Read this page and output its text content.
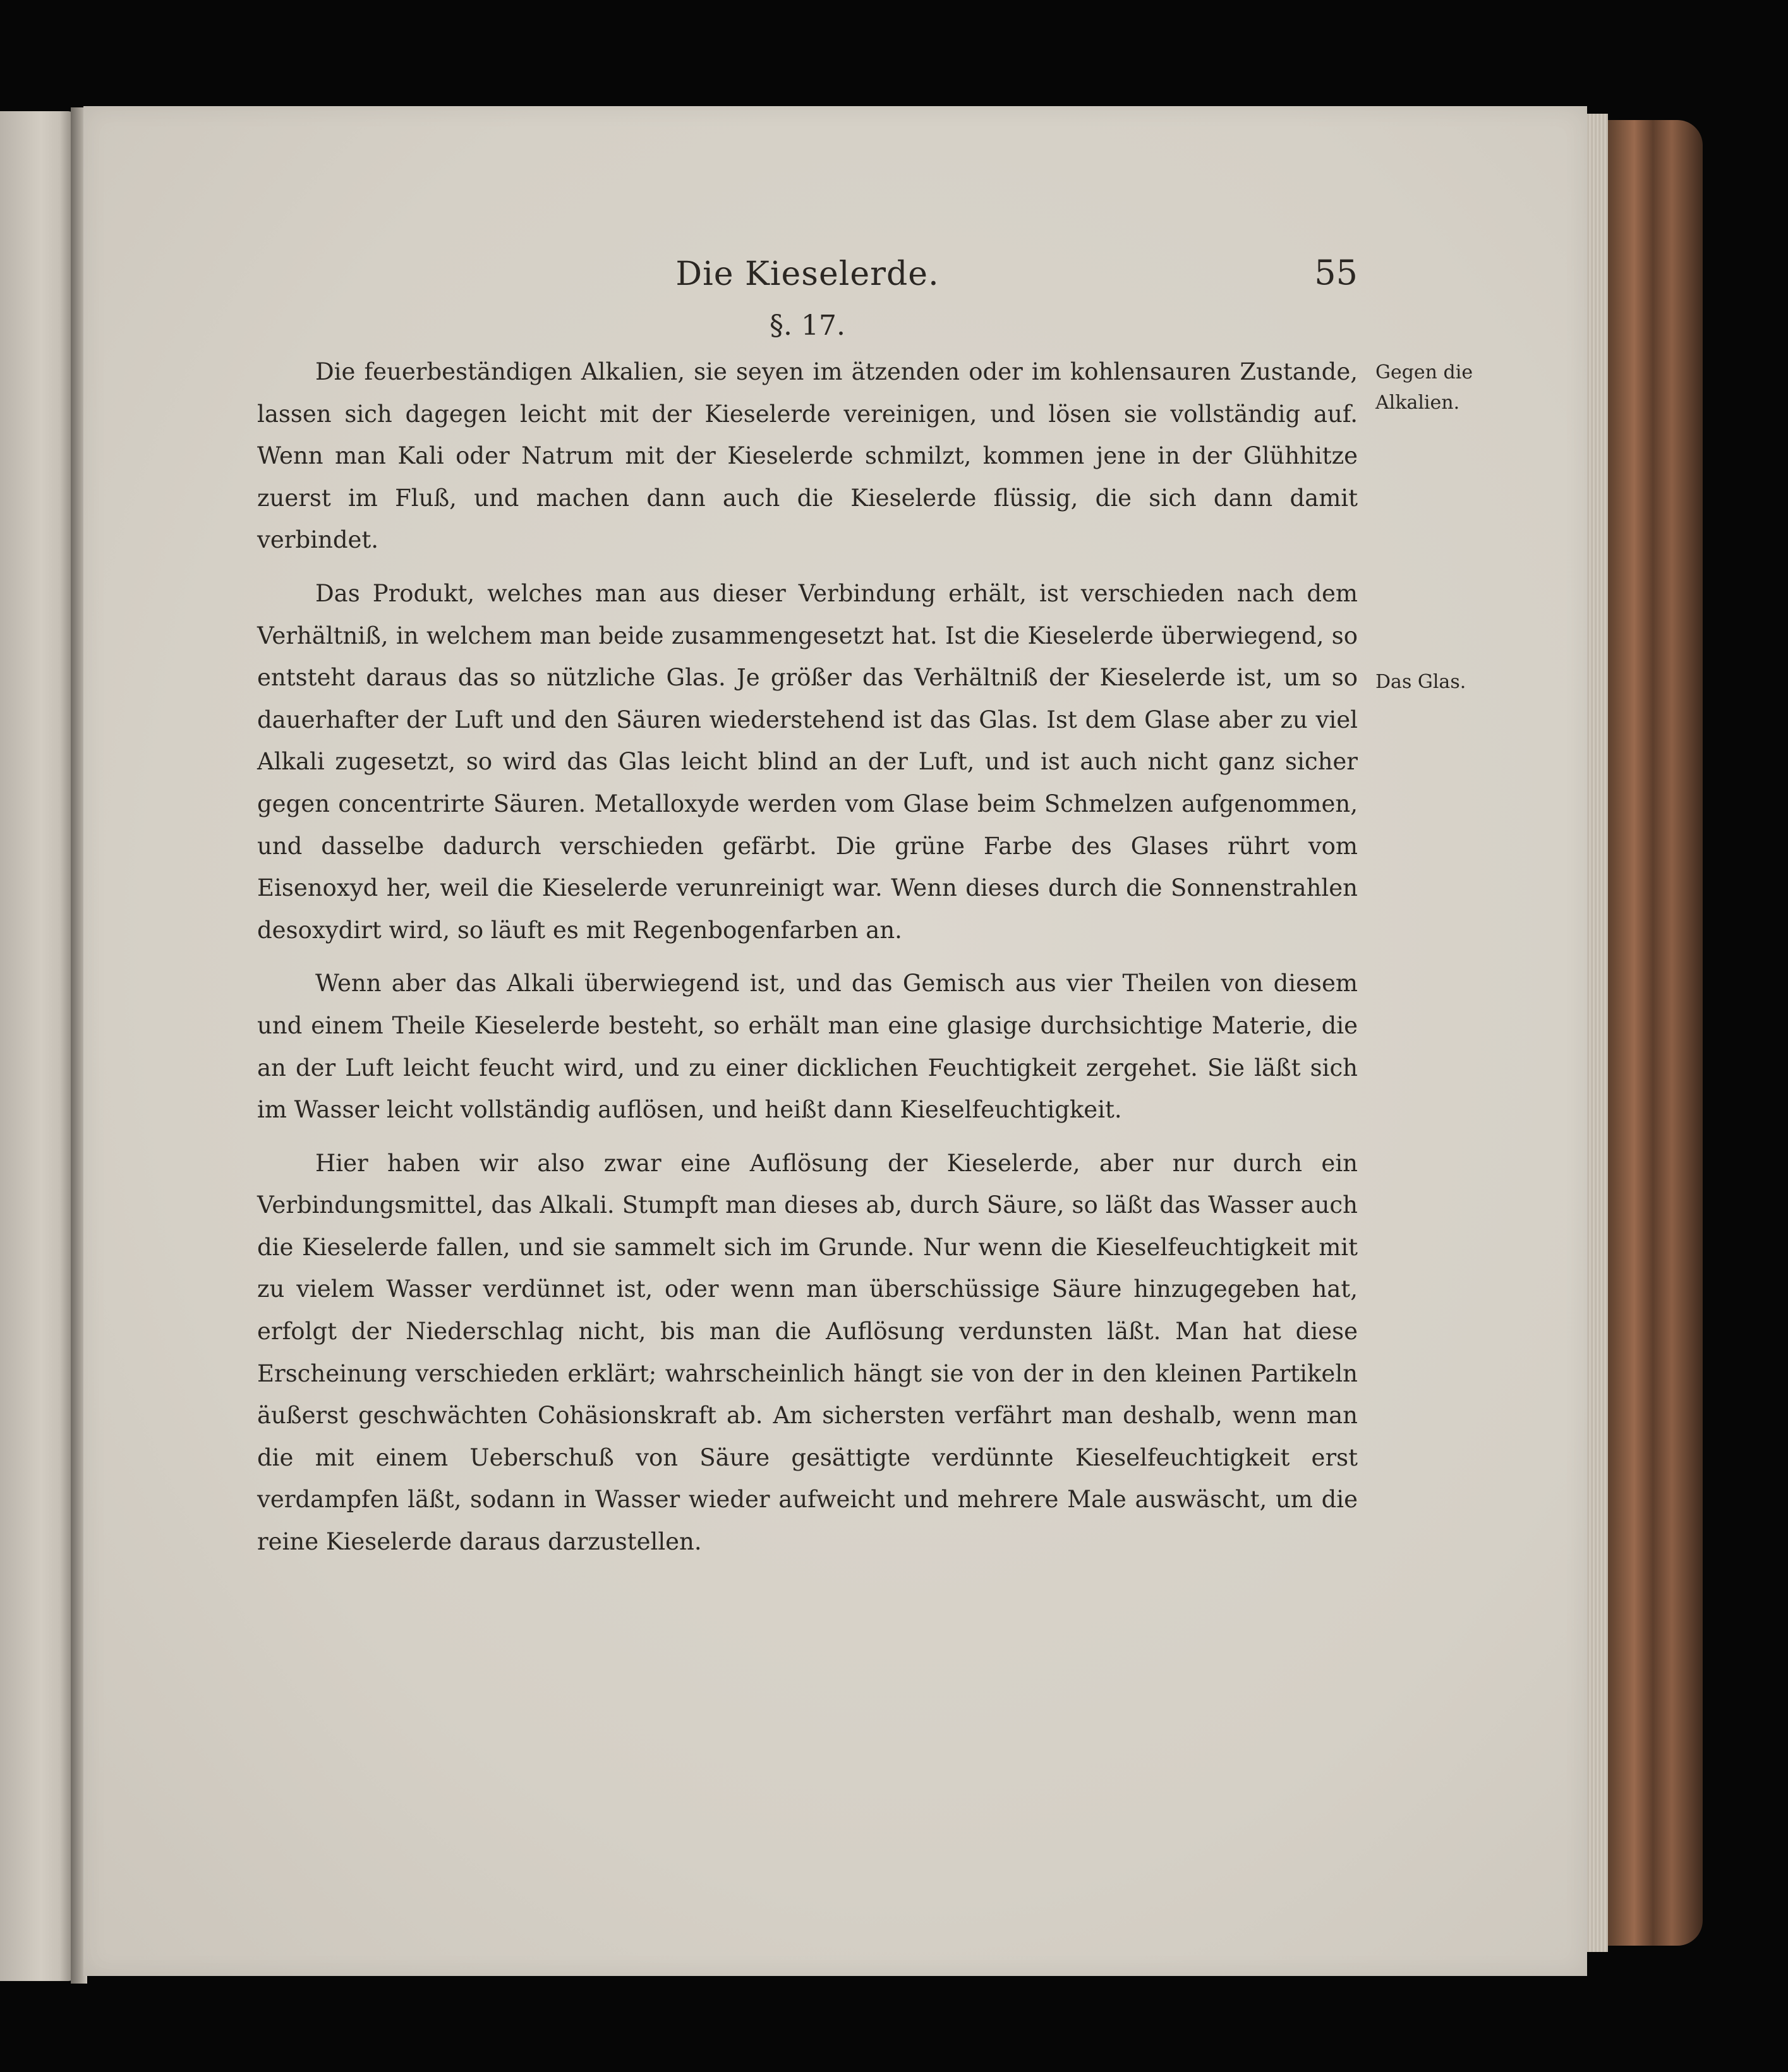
Die Kieselerde.	55
§. 17.

Die feuerbeständigen Alkalien, sie seyen im ätzenden oder im kohlensauren Zustande, lassen sich dagegen leicht mit der Kieselerde vereinigen, und lösen sie vollständig auf. Wenn man Kali oder Natrum mit der Kieselerde schmilzt, kommen jene in der Glühhitze zuerst im Fluß, und machen dann auch die Kieselerde flüssig, die sich dann damit verbindet.

Das Produkt, welches man aus dieser Verbindung erhält, ist verschieden nach dem Verhältniß, in welchem man beide zusammengesetzt hat. Ist die Kieselerde überwiegend, so entsteht daraus das so nützliche Glas. Je größer das Verhältniß der Kieselerde ist, um so dauerhafter der Luft und den Säuren wiederstehend ist das Glas. Ist dem Glase aber zu viel Alkali zugesetzt, so wird das Glas leicht blind an der Luft, und ist auch nicht ganz sicher gegen concentrirte Säuren. Metalloxyde werden vom Glase beim Schmelzen aufgenommen, und dasselbe dadurch verschieden gefärbt. Die grüne Farbe des Glases rührt vom Eisenoxyd her, weil die Kieselerde verunreinigt war. Wenn dieses durch die Sonnenstrahlen desoxydirt wird, so läuft es mit Regenbogenfarben an.

Wenn aber das Alkali überwiegend ist, und das Gemisch aus vier Theilen von diesem und einem Theile Kieselerde besteht, so erhält man eine glasige durchsichtige Materie, die an der Luft leicht feucht wird, und zu einer dicklichen Feuchtigkeit zergehet. Sie läßt sich im Wasser leicht vollständig auflösen, und heißt dann Kieselfeuchtigkeit.

Hier haben wir also zwar eine Auflösung der Kieselerde, aber nur durch ein Verbindungsmittel, das Alkali. Stumpft man dieses ab, durch Säure, so läßt das Wasser auch die Kieselerde fallen, und sie sammelt sich im Grunde. Nur wenn die Kieselfeuchtigkeit mit zu vielem Wasser verdünnet ist, oder wenn man überschüssige Säure hinzugegeben hat, erfolgt der Niederschlag nicht, bis man die Auflösung verdunsten läßt. Man hat diese Erscheinung verschieden erklärt; wahrscheinlich hängt sie von der in den kleinen Partikeln äußerst geschwächten Cohäsionskraft ab. Am sichersten verfährt man deshalb, wenn man die mit einem Ueberschuß von Säure gesättigte verdünnte Kieselfeuchtigkeit erst verdampfen läßt, sodann in Wasser wieder aufweicht und mehrere Male auswäscht, um die reine Kieselerde daraus darzustellen.

Gegen die Alkalien.
Das Glas.
